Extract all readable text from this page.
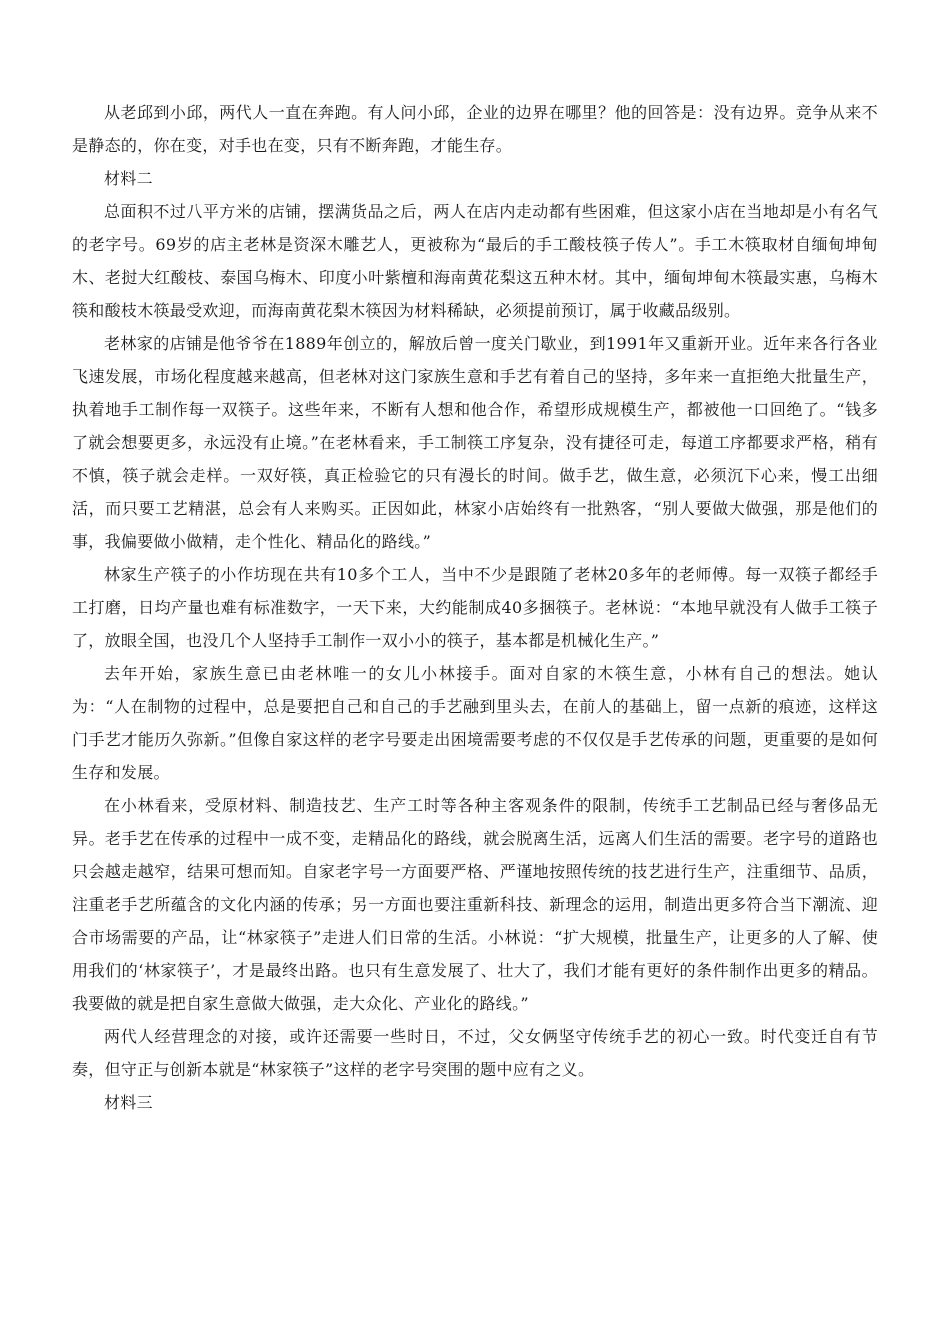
从老邱到小邱，两代人一直在奔跑。有人问小邱，企业的边界在哪里？他的回答是：没有边界。竞争从来不是静态的，你在变，对手也在变，只有不断奔跑，才能生存。

材料二

总面积不过八平方米的店铺，摆满货品之后，两人在店内走动都有些困难，但这家小店在当地却是小有名气的老字号。69岁的店主老林是资深木雕艺人，更被称为“最后的手工酸枝筷子传人”。手工木筷取材自缅甸坤甸木、老挝大红酸枝、泰国乌梅木、印度小叶紫檀和海南黄花梨这五种木材。其中，缅甸坤甸木筷最实惠，乌梅木筷和酸枝木筷最受欢迎，而海南黄花梨木筷因为材料稀缺，必须提前预订，属于收藏品级别。

老林家的店铺是他爷爷在1889年创立的，解放后曾一度关门歇业，到1991年又重新开业。近年来各行各业飞速发展，市场化程度越来越高，但老林对这门家族生意和手艺有着自己的坚持，多年来一直拒绝大批量生产，执着地手工制作每一双筷子。这些年来，不断有人想和他合作，希望形成规模生产，都被他一口回绝了。“钱多了就会想要更多，永远没有止境。”在老林看来，手工制筷工序复杂，没有捷径可走，每道工序都要求严格，稍有不慎，筷子就会走样。一双好筷，真正检验它的只有漫长的时间。做手艺，做生意，必须沉下心来，慢工出细活，而只要工艺精湛，总会有人来购买。正因如此，林家小店始终有一批熟客，“别人要做大做强，那是他们的事，我偏要做小做精，走个性化、精品化的路线。”

林家生产筷子的小作坊现在共有10多个工人，当中不少是跟随了老林20多年的老师傅。每一双筷子都经手工打磨，日均产量也难有标准数字，一天下来，大约能制成40多捆筷子。老林说：“本地早就没有人做手工筷子了，放眼全国，也没几个人坚持手工制作一双小小的筷子，基本都是机械化生产。”

去年开始，家族生意已由老林唯一的女儿小林接手。面对自家的木筷生意，小林有自己的想法。她认为：“人在制物的过程中，总是要把自己和自己的手艺融到里头去，在前人的基础上，留一点新的痕迹，这样这门手艺才能历久弥新。”但像自家这样的老字号要走出困境需要考虑的不仅仅是手艺传承的问题，更重要的是如何生存和发展。

在小林看来，受原材料、制造技艺、生产工时等各种主客观条件的限制，传统手工艺制品已经与奢侈品无异。老手艺在传承的过程中一成不变，走精品化的路线，就会脱离生活，远离人们生活的需要。老字号的道路也只会越走越窄，结果可想而知。自家老字号一方面要严格、严谨地按照传统的技艺进行生产，注重细节、品质，注重老手艺所蕴含的文化内涵的传承；另一方面也要注重新科技、新理念的运用，制造出更多符合当下潮流、迎合市场需要的产品，让“林家筷子”走进人们日常的生活。小林说：“扩大规模，批量生产，让更多的人了解、使用我们的‘林家筷子’，才是最终出路。也只有生意发展了、壮大了，我们才能有更好的条件制作出更多的精品。我要做的就是把自家生意做大做强，走大众化、产业化的路线。”

两代人经营理念的对接，或许还需要一些时日，不过，父女俩坚守传统手艺的初心一致。时代变迁自有节奏，但守正与创新本就是“林家筷子”这样的老字号突围的题中应有之义。

材料三
